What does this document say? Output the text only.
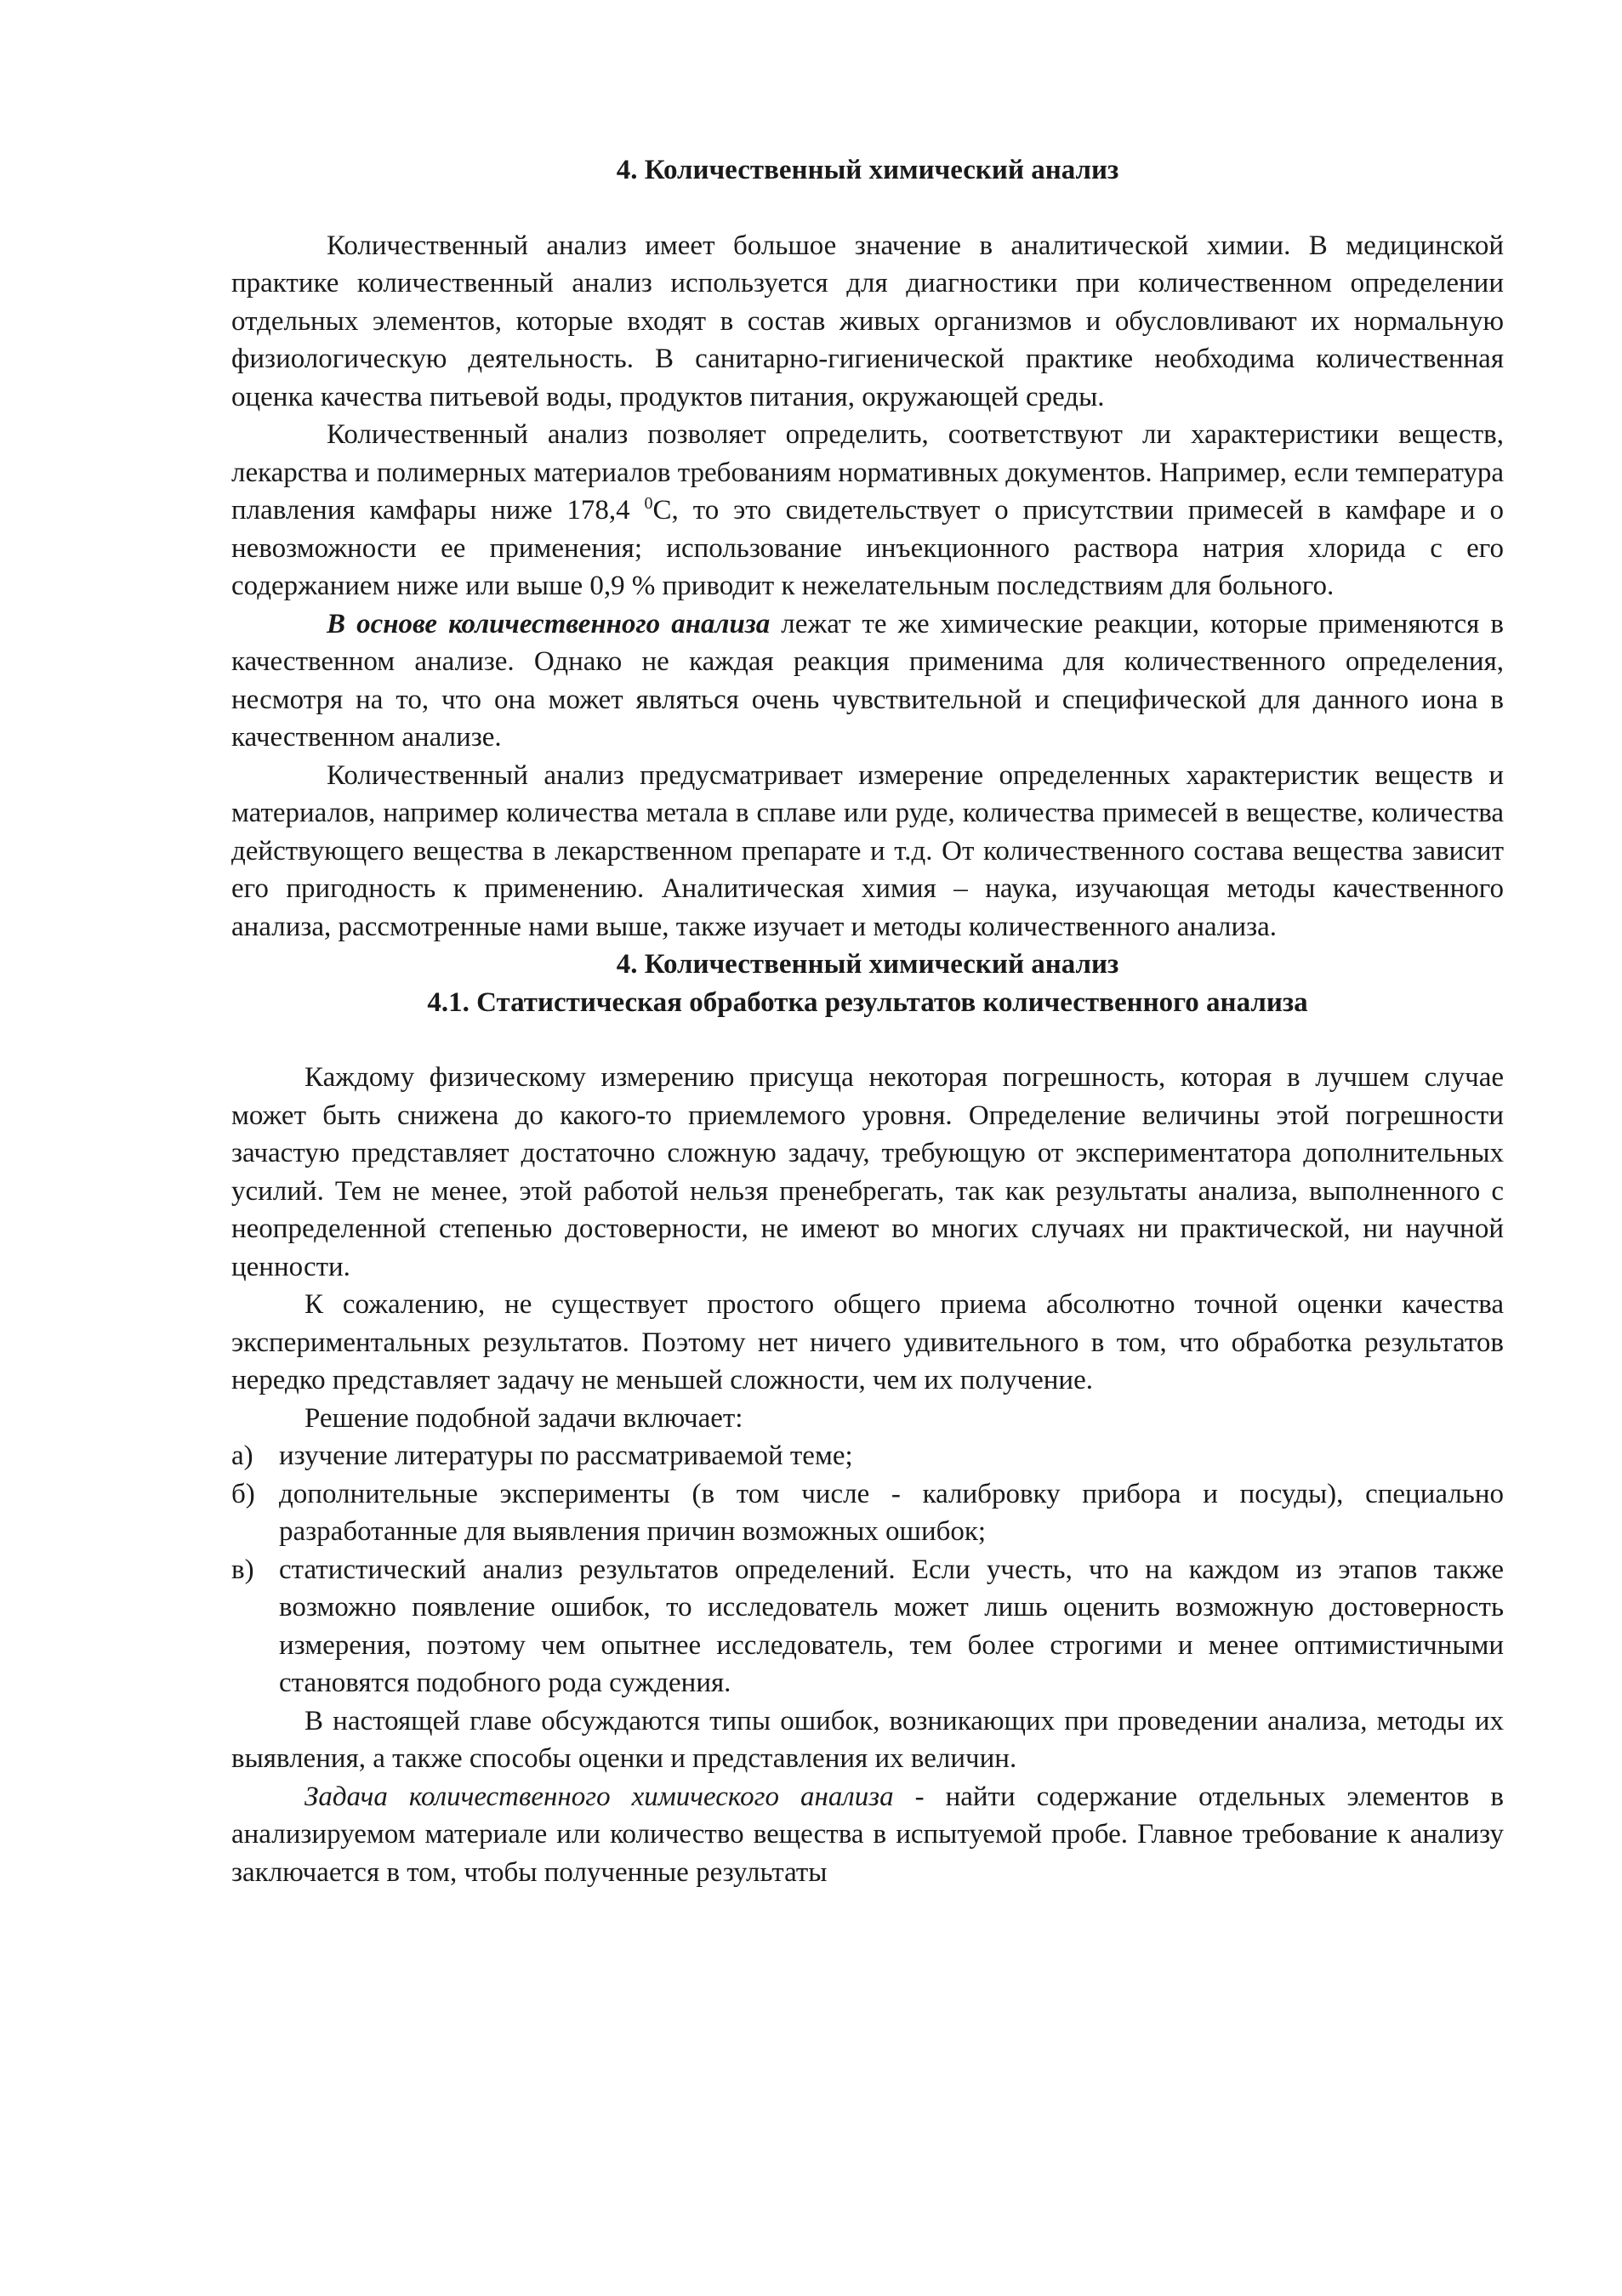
4. Количественный химический анализ

Количественный анализ имеет большое значение в аналитической химии. В медицинской практике количественный анализ используется для диагностики при количественном определении отдельных элементов, которые входят в состав живых организмов и обусловливают их нормальную физиологическую деятельность. В санитарно-гигиенической практике необходима количественная оценка качества питьевой воды, продуктов питания, окружающей среды.

Количественный анализ позволяет определить, соответствуют ли характеристики веществ, лекарства и полимерных материалов требованиям нормативных документов. Например, если температура плавления камфары ниже 178,4 $^0$С, то это свидетельствует о присутствии примесей в камфаре и о невозможности ее применения; использование инъекционного раствора натрия хлорида с его содержанием ниже или выше 0,9 % приводит к нежелательным последствиям для больного.

В основе количественного анализа лежат те же химические реакции, которые применяются в качественном анализе. Однако не каждая реакция применима для количественного определения, несмотря на то, что она может являться очень чувствительной и специфической для данного иона в качественном анализе.

Количественный анализ предусматривает измерение определенных характеристик веществ и материалов, например количества метала в сплаве или руде, количества примесей в веществе, количества действующего вещества в лекарственном препарате и т.д. От количественного состава вещества зависит его пригодность к применению. Аналитическая химия – наука, изучающая методы качественного анализа, рассмотренные нами выше, также изучает и методы количественного анализа.

4. Количественный химический анализ
4.1. Статистическая обработка результатов количественного анализа

Каждому физическому измерению присуща некоторая погрешность, которая в лучшем случае может быть снижена до какого-то приемлемого уровня. Определение величины этой погрешности зачастую представляет достаточно сложную задачу, требующую от экспериментатора дополнительных усилий. Тем не менее, этой работой нельзя пренебрегать, так как результаты анализа, выполненного с неопределенной степенью достоверности, не имеют во многих случаях ни практической, ни научной ценности.

К сожалению, не существует простого общего приема абсолютно точной оценки качества экспериментальных результатов. Поэтому нет ничего удивительного в том, что обработка результатов нередко представляет задачу не меньшей сложности, чем их получение.

Решение подобной задачи включает:

а) изучение литературы по рассматриваемой теме;

б) дополнительные эксперименты (в том числе - калибровку прибора и посуды), специально разработанные для выявления причин возможных ошибок;

в) статистический анализ результатов определений. Если учесть, что на каждом из этапов также возможно появление ошибок, то исследователь может лишь оценить возможную достоверность измерения, поэтому чем опытнее исследователь, тем более строгими и менее оптимистичными становятся подобного рода суждения.

В настоящей главе обсуждаются типы ошибок, возникающих при проведении анализа, методы их выявления, а также способы оценки и представления их величин.

Задача количественного химического анализа - найти содержание отдельных элементов в анализируемом материале или количество вещества в испытуемой пробе. Главное требование к анализу заключается в том, чтобы полученные результаты
